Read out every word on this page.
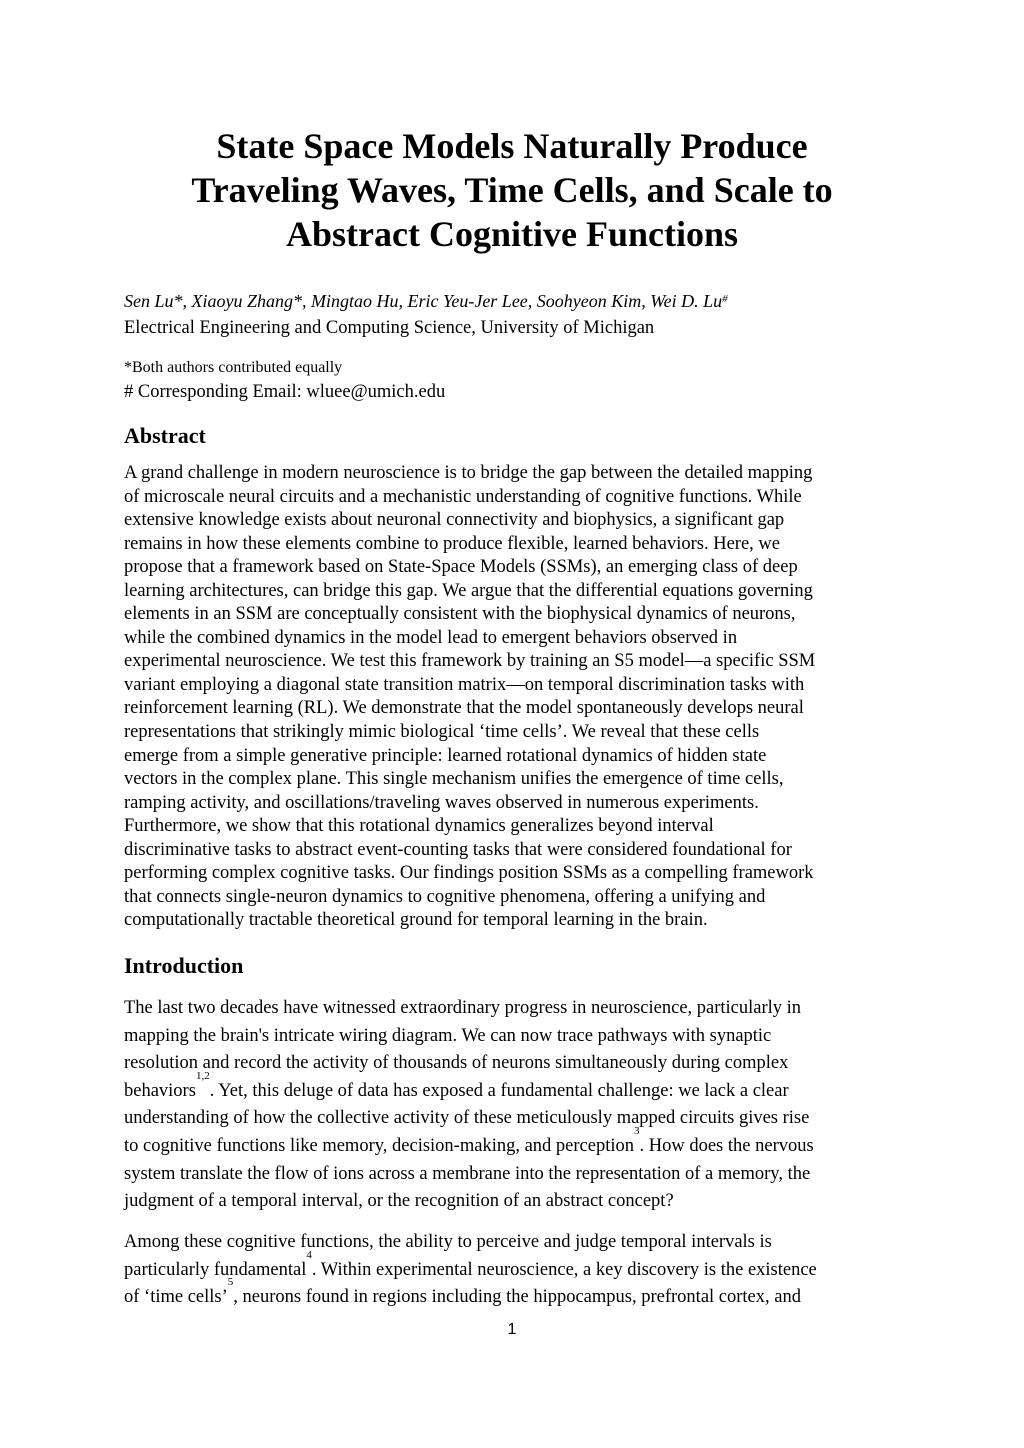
State Space Models Naturally Produce
Traveling Waves, Time Cells, and Scale to
Abstract Cognitive Functions
Sen Lu*, Xiaoyu Zhang*, Mingtao Hu, Eric Yeu-Jer Lee, Soohyeon Kim, Wei D. Lu#
Electrical Engineering and Computing Science, University of Michigan
*Both authors contributed equally
# Corresponding Email: wluee@umich.edu
Abstract
A grand challenge in modern neuroscience is to bridge the gap between the detailed mapping
of microscale neural circuits and a mechanistic understanding of cognitive functions. While
extensive knowledge exists about neuronal connectivity and biophysics, a significant gap
remains in how these elements combine to produce flexible, learned behaviors. Here, we
propose that a framework based on State-Space Models (SSMs), an emerging class of deep
learning architectures, can bridge this gap. We argue that the differential equations governing
elements in an SSM are conceptually consistent with the biophysical dynamics of neurons,
while the combined dynamics in the model lead to emergent behaviors observed in
experimental neuroscience. We test this framework by training an S5 model—a specific SSM
variant employing a diagonal state transition matrix—on temporal discrimination tasks with
reinforcement learning (RL). We demonstrate that the model spontaneously develops neural
representations that strikingly mimic biological ‘time cells’. We reveal that these cells
emerge from a simple generative principle: learned rotational dynamics of hidden state
vectors in the complex plane. This single mechanism unifies the emergence of time cells,
ramping activity, and oscillations/traveling waves observed in numerous experiments.
Furthermore, we show that this rotational dynamics generalizes beyond interval
discriminative tasks to abstract event-counting tasks that were considered foundational for
performing complex cognitive tasks. Our findings position SSMs as a compelling framework
that connects single-neuron dynamics to cognitive phenomena, offering a unifying and
computationally tractable theoretical ground for temporal learning in the brain.
Introduction
The last two decades have witnessed extraordinary progress in neuroscience, particularly in
mapping the brain's intricate wiring diagram. We can now trace pathways with synaptic
resolution and record the activity of thousands of neurons simultaneously during complex
behaviors$^{1,2}$. Yet, this deluge of data has exposed a fundamental challenge: we lack a clear
understanding of how the collective activity of these meticulously mapped circuits gives rise
to cognitive functions like memory, decision-making, and perception$^3$. How does the nervous
system translate the flow of ions across a membrane into the representation of a memory, the
judgment of a temporal interval, or the recognition of an abstract concept?
Among these cognitive functions, the ability to perceive and judge temporal intervals is
particularly fundamental$^4$. Within experimental neuroscience, a key discovery is the existence
of ‘time cells’$^5$, neurons found in regions including the hippocampus, prefrontal cortex, and
1
